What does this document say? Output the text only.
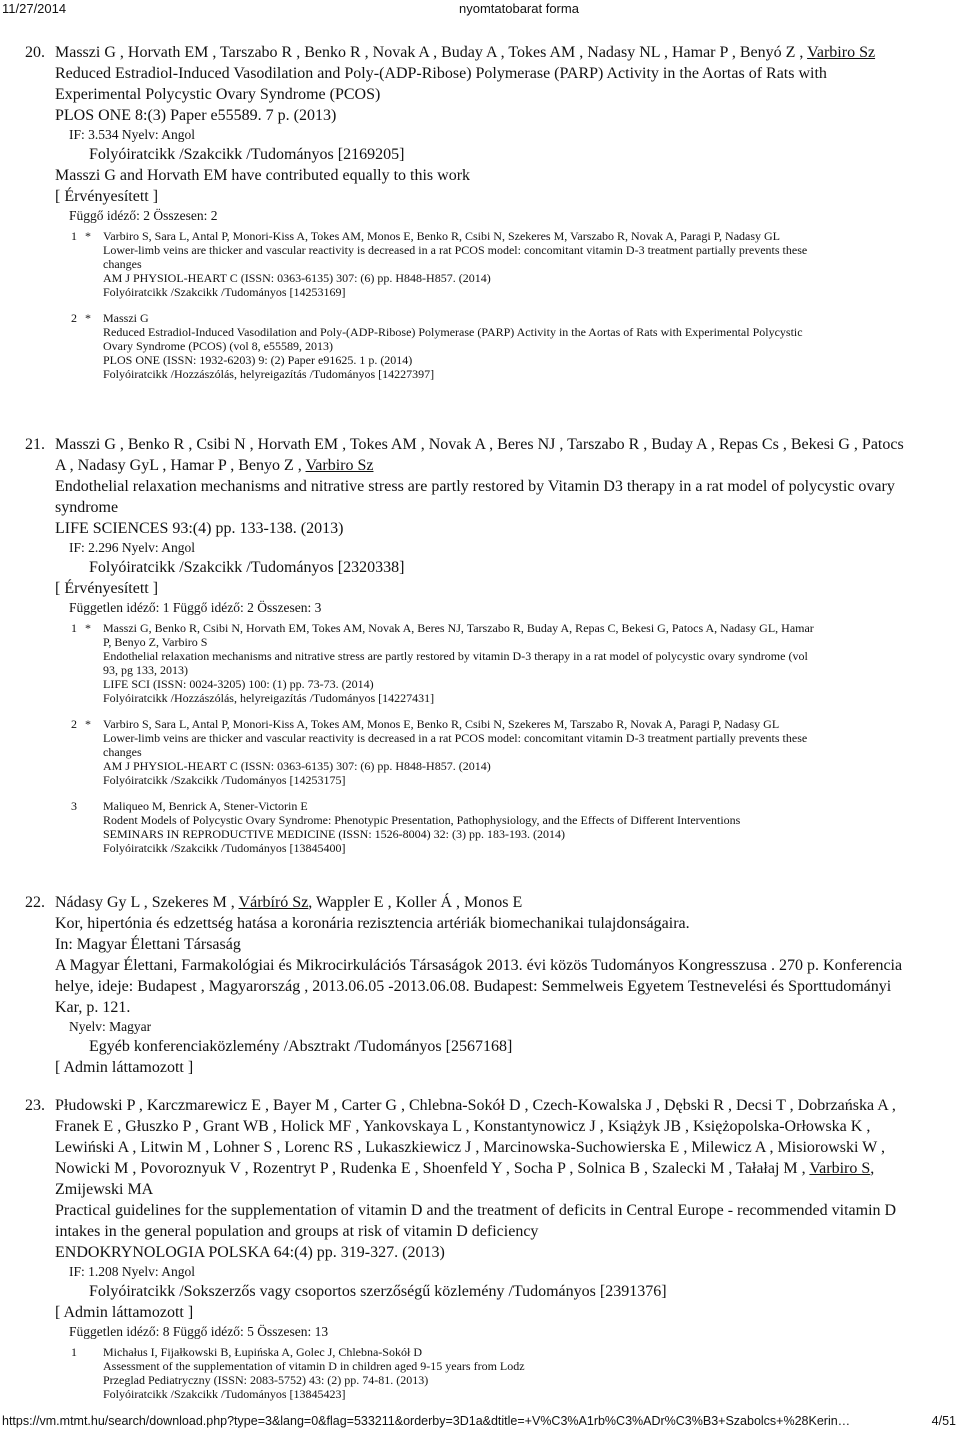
11/27/2014	nyomtatobarat forma
20. Masszi G , Horvath EM , Tarszabo R , Benko R , Novak A , Buday A , Tokes AM , Nadasy NL , Hamar P , Benyó Z , Varbiro Sz
Reduced Estradiol-Induced Vasodilation and Poly-(ADP-Ribose) Polymerase (PARP) Activity in the Aortas of Rats with Experimental Polycystic Ovary Syndrome (PCOS)
PLOS ONE 8:(3) Paper e55589. 7 p. (2013)
IF: 3.534 Nyelv: Angol
Folyóiratcikk /Szakcikk /Tudományos [2169205]
Masszi G and Horvath EM have contributed equally to this work
[ Érvényesített ]
Függő idéző: 2 Összesen: 2
1 * Varbiro S, Sara L, Antal P, Monori-Kiss A, Tokes AM, Monos E, Benko R, Csibi N, Szekeres M, Varszabo R, Novak A, Paragi P, Nadasy GL
Lower-limb veins are thicker and vascular reactivity is decreased in a rat PCOS model: concomitant vitamin D-3 treatment partially prevents these changes
AM J PHYSIOL-HEART C (ISSN: 0363-6135) 307: (6) pp. H848-H857. (2014)
Folyóiratcikk /Szakcikk /Tudományos [14253169]
2 * Masszi G
Reduced Estradiol-Induced Vasodilation and Poly-(ADP-Ribose) Polymerase (PARP) Activity in the Aortas of Rats with Experimental Polycystic Ovary Syndrome (PCOS) (vol 8, e55589, 2013)
PLOS ONE (ISSN: 1932-6203) 9: (2) Paper e91625. 1 p. (2014)
Folyóiratcikk /Hozzászólás, helyreigazítás /Tudományos [14227397]
21. Masszi G , Benko R , Csibi N , Horvath EM , Tokes AM , Novak A , Beres NJ , Tarszabo R , Buday A , Repas Cs , Bekesi G , Patocs A , Nadasy GyL , Hamar P , Benyo Z , Varbiro Sz
Endothelial relaxation mechanisms and nitrative stress are partly restored by Vitamin D3 therapy in a rat model of polycystic ovary syndrome
LIFE SCIENCES 93:(4) pp. 133-138. (2013)
IF: 2.296 Nyelv: Angol
Folyóiratcikk /Szakcikk /Tudományos [2320338]
[ Érvényesített ]
Független idéző: 1 Függő idéző: 2 Összesen: 3
1 * Masszi G, Benko R, Csibi N, Horvath EM, Tokes AM, Novak A, Beres NJ, Tarszabo R, Buday A, Repas C, Bekesi G, Patocs A, Nadasy GL, Hamar P, Benyo Z, Varbiro S
Endothelial relaxation mechanisms and nitrative stress are partly restored by vitamin D-3 therapy in a rat model of polycystic ovary syndrome (vol 93, pg 133, 2013)
LIFE SCI (ISSN: 0024-3205) 100: (1) pp. 73-73. (2014)
Folyóiratcikk /Hozzászólás, helyreigazítás /Tudományos [14227431]
2 * Varbiro S, Sara L, Antal P, Monori-Kiss A, Tokes AM, Monos E, Benko R, Csibi N, Szekeres M, Tarszabo R, Novak A, Paragi P, Nadasy GL
Lower-limb veins are thicker and vascular reactivity is decreased in a rat PCOS model: concomitant vitamin D-3 treatment partially prevents these changes
AM J PHYSIOL-HEART C (ISSN: 0363-6135) 307: (6) pp. H848-H857. (2014)
Folyóiratcikk /Szakcikk /Tudományos [14253175]
3 Maliqueo M, Benrick A, Stener-Victorin E
Rodent Models of Polycystic Ovary Syndrome: Phenotypic Presentation, Pathophysiology, and the Effects of Different Interventions
SEMINARS IN REPRODUCTIVE MEDICINE (ISSN: 1526-8004) 32: (3) pp. 183-193. (2014)
Folyóiratcikk /Szakcikk /Tudományos [13845400]
22. Nádasy Gy L , Szekeres M , Várbíró Sz, Wappler E , Koller Á , Monos E
Kor, hipertónia és edzettség hatása a koronária rezisztencia artériák biomechanikai tulajdonságaira.
In: Magyar Élettani Társaság
A Magyar Élettani, Farmakológiai és Mikrocirkulációs Társaságok 2013. évi közös Tudományos Kongresszusa . 270 p. Konferencia helye, ideje: Budapest , Magyarország , 2013.06.05 -2013.06.08. Budapest: Semmelweis Egyetem Testnevelési és Sporttudományi Kar, p. 121.
Nyelv: Magyar
Egyéb konferenciaközlemény /Absztrakt /Tudományos [2567168]
[ Admin láttamozott ]
23. Płudowski P , Karczmarewicz E , Bayer M , Carter G , Chlebna-Sokół D , Czech-Kowalska J , Dębski R , Decsi T , Dobrzańska A , Franek E , Głuszko P , Grant WB , Holick MF , Yankovskaya L , Konstantynowicz J , Książyk JB , Księżopolska-Orłowska K , Lewiński A , Litwin M , Lohner S , Lorenc RS , Lukaszkiewicz J , Marcinowska-Suchowierska E , Milewicz A , Misiorowski W , Nowicki M , Povoroznyuk V , Rozentryt P , Rudenka E , Shoenfeld Y , Socha P , Solnica B , Szalecki M , Tałałaj M , Varbiro S, Zmijewski MA
Practical guidelines for the supplementation of vitamin D and the treatment of deficits in Central Europe - recommended vitamin D intakes in the general population and groups at risk of vitamin D deficiency
ENDOKRYNOLOGIA POLSKA 64:(4) pp. 319-327. (2013)
IF: 1.208 Nyelv: Angol
Folyóiratcikk /Sokszerzős vagy csoportos szerzőségű közlemény /Tudományos [2391376]
[ Admin láttamozott ]
Független idéző: 8 Függő idéző: 5 Összesen: 13
1 Michałus I, Fijałkowski B, Łupińska A, Golec J, Chlebna-Sokół D
Assessment of the supplementation of vitamin D in children aged 9-15 years from Lodz
Przeglad Pediatryczny (ISSN: 2083-5752) 43: (2) pp. 74-81. (2013)
Folyóiratcikk /Szakcikk /Tudományos [13845423]
https://vm.mtmt.hu/search/download.php?type=3&lang=0&flag=533211&orderby=3D1a&dtitle=+V%C3%A1rb%C3%ADr%C3%B3+Szabolcs+%28Kerin…	4/51
